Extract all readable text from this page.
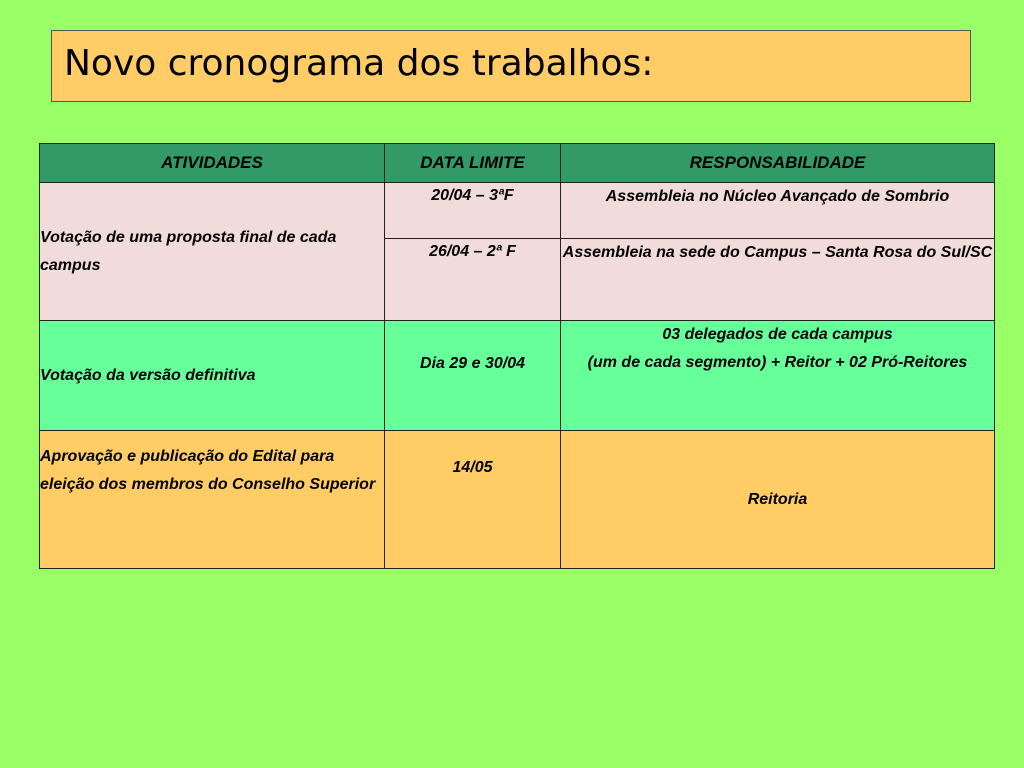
Novo cronograma dos trabalhos:
ATIVIDADES	DATA LIMITE	RESPONSABILIDADE
Votação de uma proposta final de cada campus	20/04 – 3ªF	Assembleia no Núcleo Avançado de Sombrio
	26/04 – 2ª F	Assembleia na sede do Campus – Santa Rosa do Sul/SC
Votação da versão definitiva	Dia 29 e 30/04	03 delegados de cada campus
(um de cada segmento) + Reitor + 02 Pró-Reitores

Aprovação e publicação do Edital para eleição dos membros do Conselho Superior	14/05	Reitoria
